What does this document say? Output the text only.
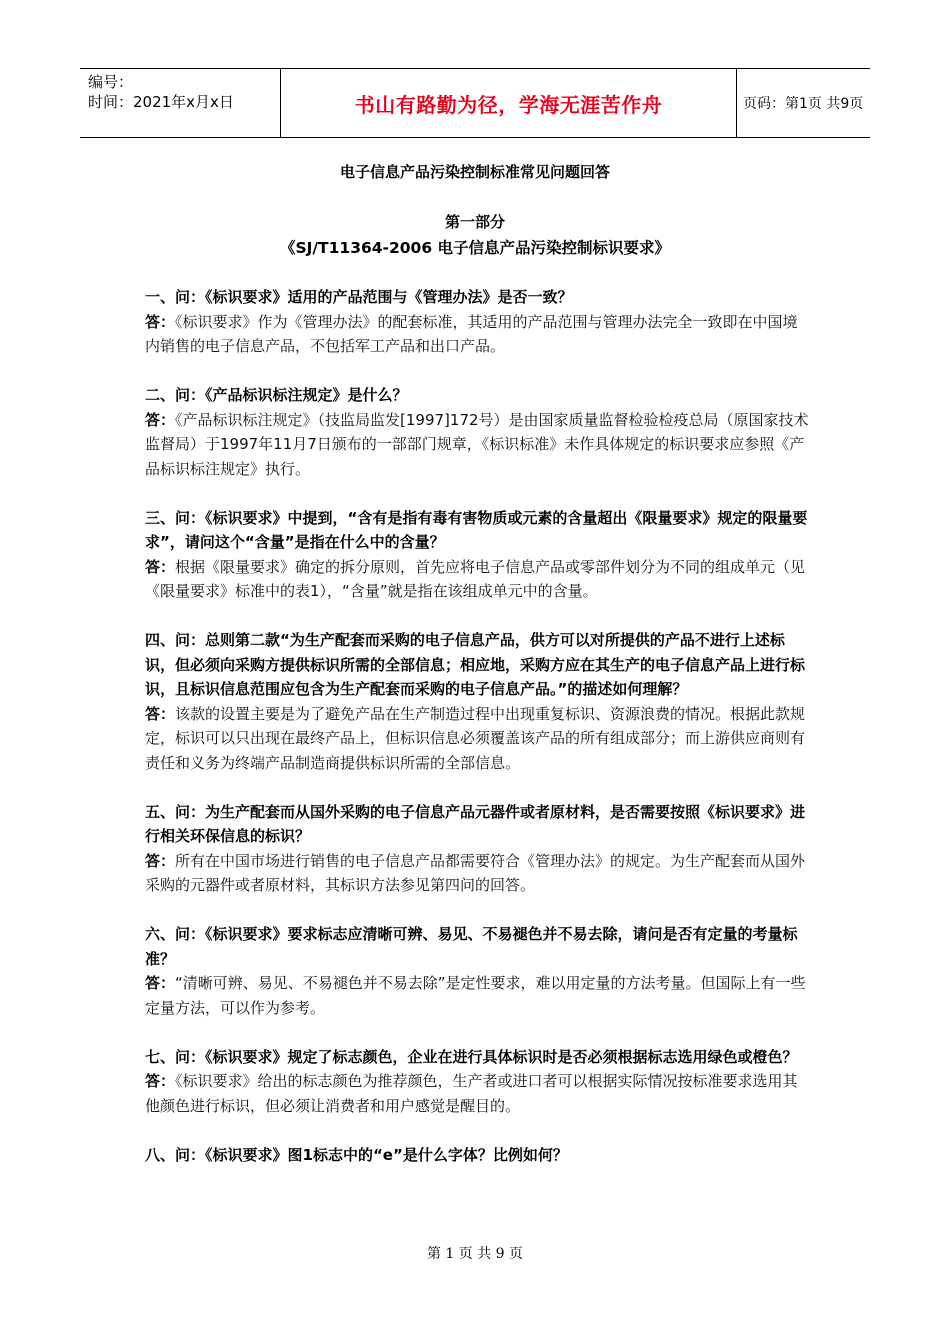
编号：
时间：2021年x月x日	书山有路勤为径，学海无涯苦作舟	页码：第1页 共9页
电子信息产品污染控制标准常见问题回答
第一部分
《SJ/T11364-2006 电子信息产品污染控制标识要求》
一、问：《标识要求》适用的产品范围与《管理办法》是否一致？
答：《标识要求》作为《管理办法》的配套标准，其适用的产品范围与管理办法完全一致即在中国境内销售的电子信息产品，不包括军工产品和出口产品。
二、问：《产品标识标注规定》是什么？
答：《产品标识标注规定》（技监局监发[1997]172号）是由国家质量监督检验检疫总局（原国家技术监督局）于1997年11月7日颁布的一部部门规章，《标识标准》未作具体规定的标识要求应参照《产品标识标注规定》执行。
三、问：《标识要求》中提到，“含有是指有毒有害物质或元素的含量超出《限量要求》规定的限量要求”，请问这个“含量”是指在什么中的含量？
答：根据《限量要求》确定的拆分原则，首先应将电子信息产品或零部件划分为不同的组成单元（见《限量要求》标准中的表1），“含量”就是指在该组成单元中的含量。
四、问：总则第二款“为生产配套而采购的电子信息产品，供方可以对所提供的产品不进行上述标识，但必须向采购方提供标识所需的全部信息；相应地，采购方应在其生产的电子信息产品上进行标识，且标识信息范围应包含为生产配套而采购的电子信息产品。”的描述如何理解？
答：该款的设置主要是为了避免产品在生产制造过程中出现重复标识、资源浪费的情况。根据此款规定，标识可以只出现在最终产品上，但标识信息必须覆盖该产品的所有组成部分；而上游供应商则有责任和义务为终端产品制造商提供标识所需的全部信息。
五、问：为生产配套而从国外采购的电子信息产品元器件或者原材料，是否需要按照《标识要求》进行相关环保信息的标识？
答：所有在中国市场进行销售的电子信息产品都需要符合《管理办法》的规定。为生产配套而从国外采购的元器件或者原材料，其标识方法参见第四问的回答。
六、问：《标识要求》要求标志应清晰可辨、易见、不易褪色并不易去除，请问是否有定量的考量标准？
答：“清晰可辨、易见、不易褪色并不易去除”是定性要求，难以用定量的方法考量。但国际上有一些定量方法，可以作为参考。
七、问：《标识要求》规定了标志颜色，企业在进行具体标识时是否必须根据标志选用绿色或橙色？
答：《标识要求》给出的标志颜色为推荐颜色，生产者或进口者可以根据实际情况按标准要求选用其他颜色进行标识，但必须让消费者和用户感觉是醒目的。
八、问：《标识要求》图1标志中的“e”是什么字体？比例如何？
第 1 页 共 9 页
